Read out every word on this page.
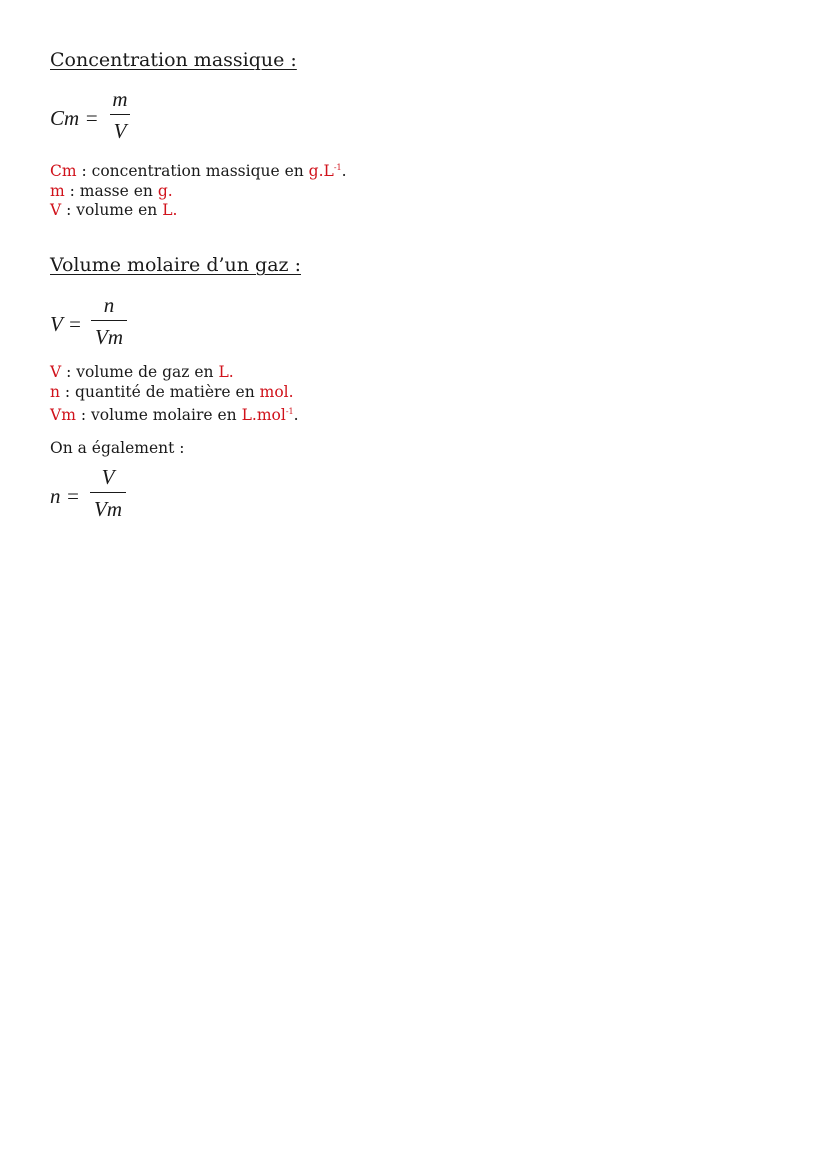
Concentration massique :
Cm =
m
V
Cm : concentration massique en $g.L^{-1}$.
m : masse en g.
V : volume en L.
Volume molaire d’un gaz :
V =
n
Vm
V : volume de gaz en L.
n : quantité de matière en mol.
Vm : volume molaire en L.mol$^{-1}$.
On a également :
n =
V
Vm
